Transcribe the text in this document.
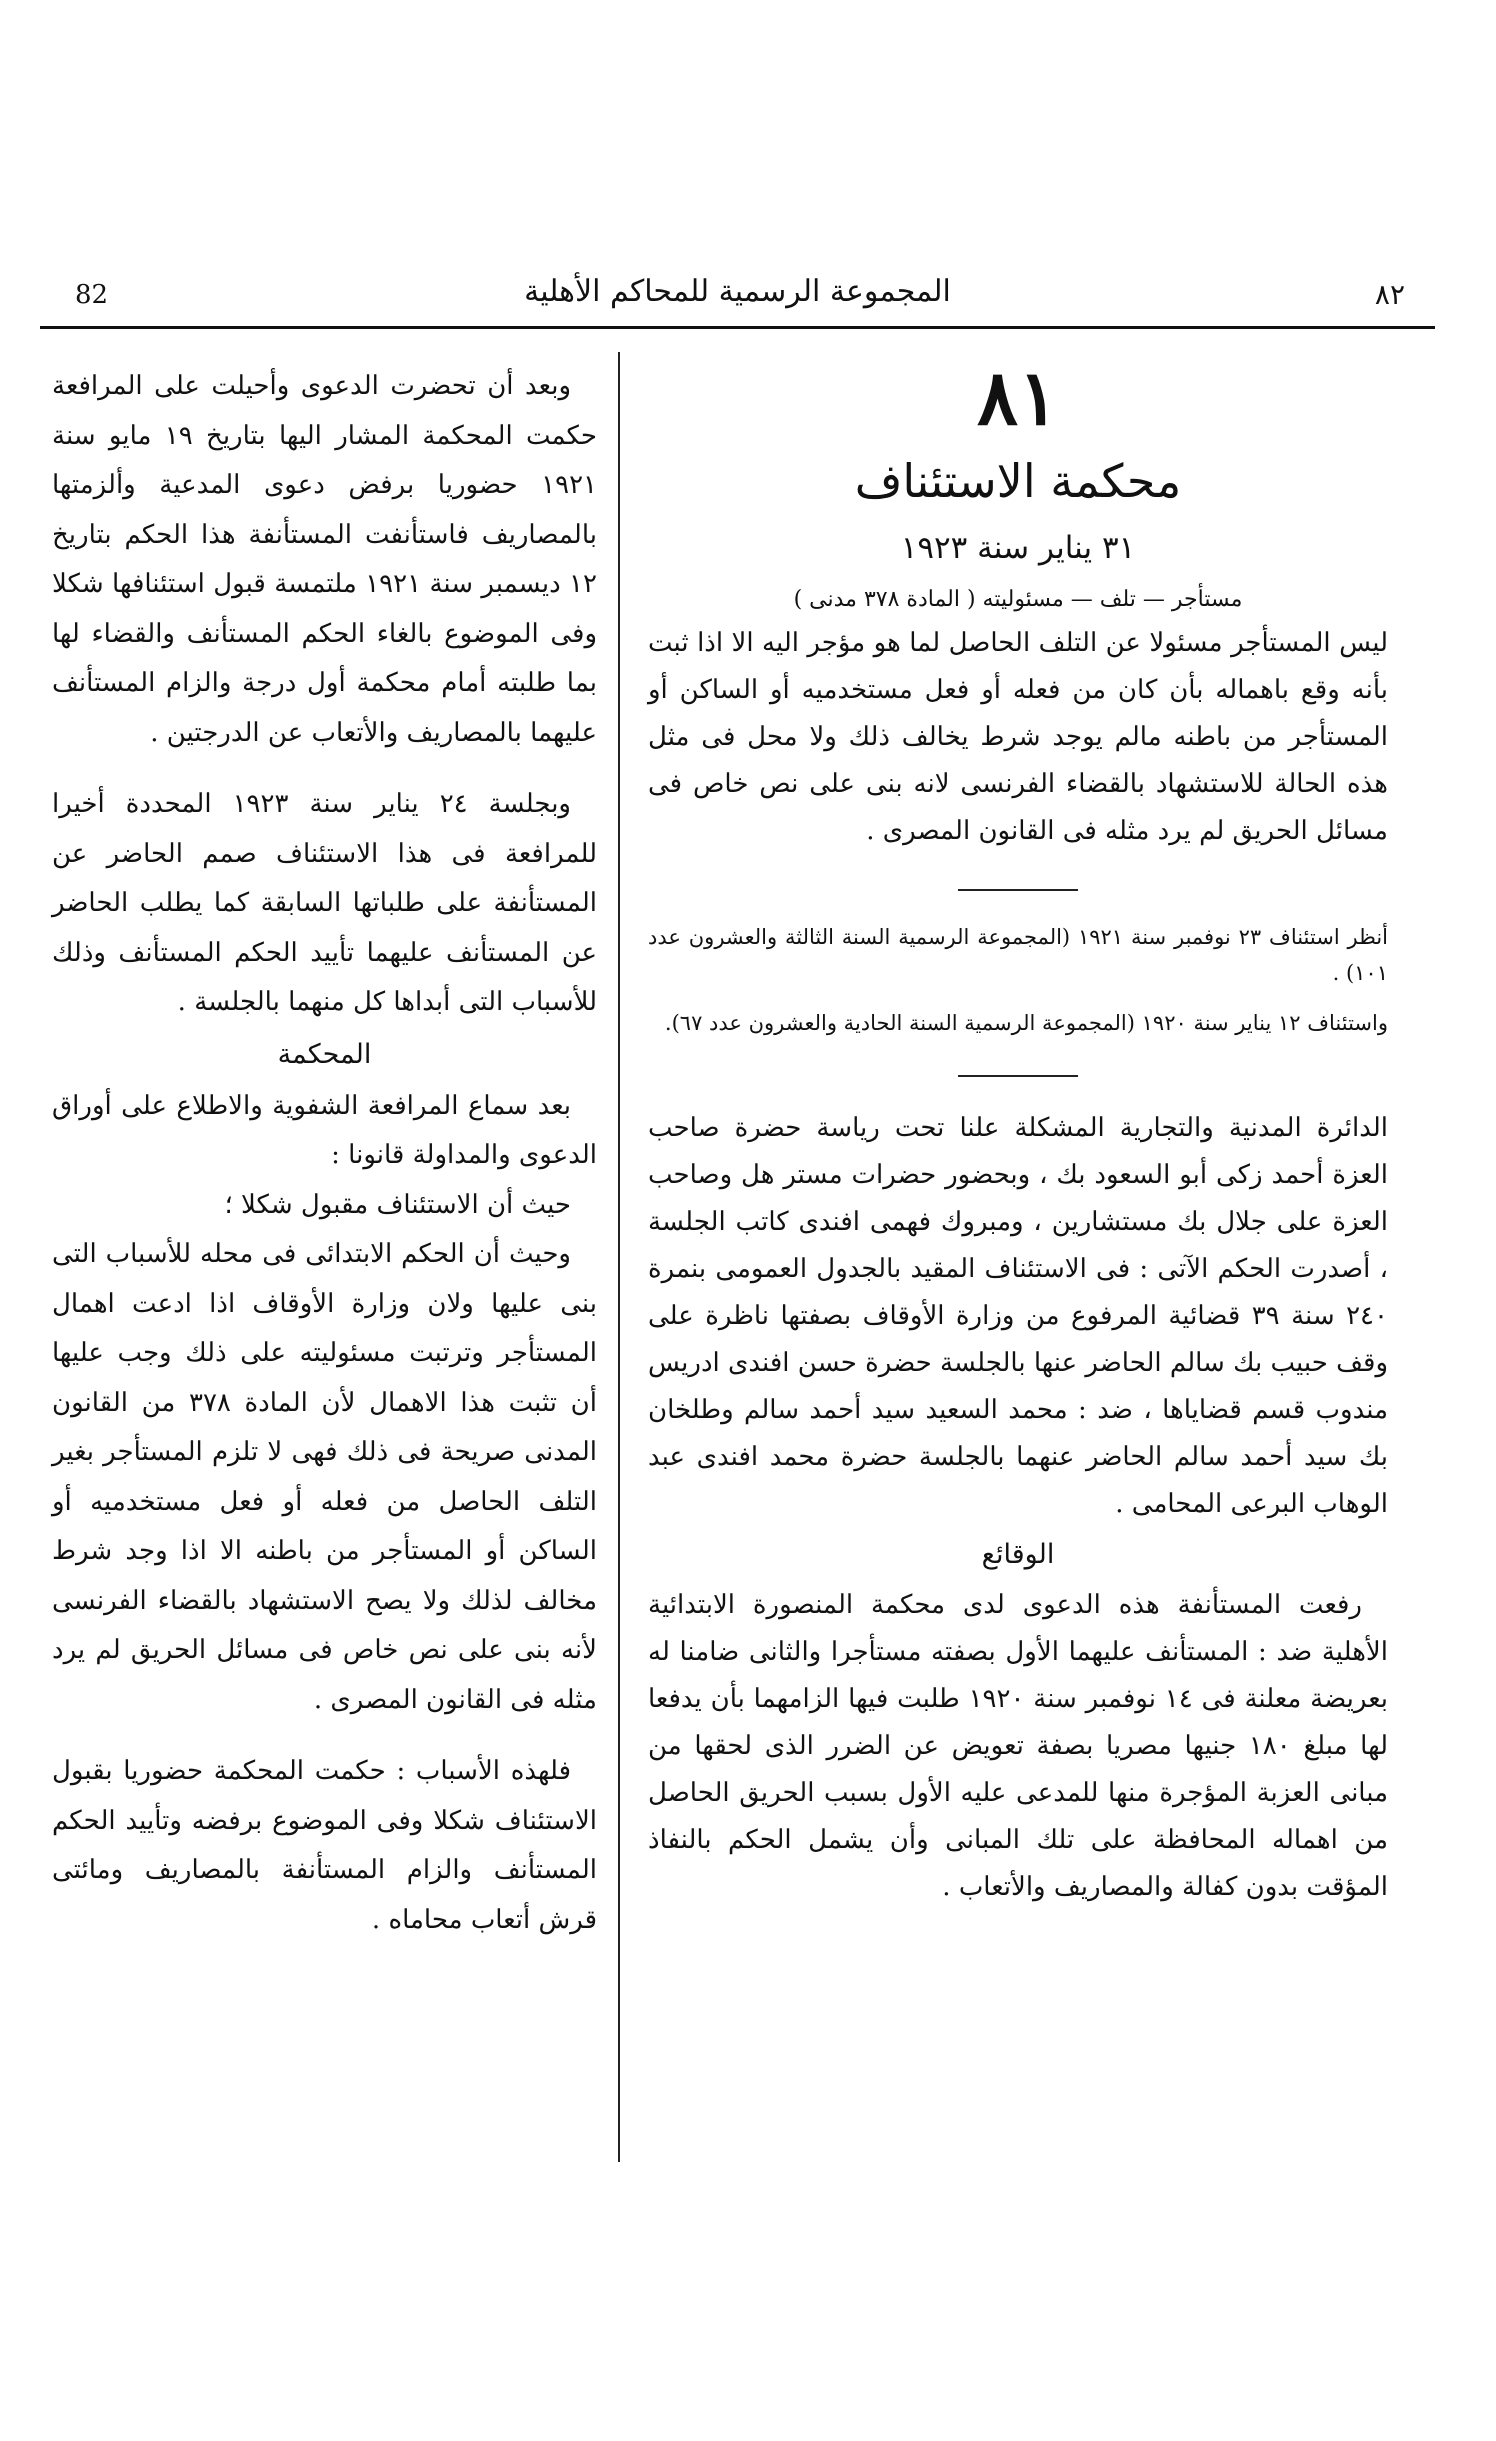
82	المجموعة الرسمية للمحاكم الأهلية	٨٢

٨١

محكمة الاستئناف

٣١ يناير سنة ١٩٢٣

مستأجر — تلف — مسئوليته ( المادة ٣٧٨ مدنى )

ليس المستأجر مسئولا عن التلف الحاصل لما هو مؤجر اليه الا اذا ثبت بأنه وقع باهماله بأن كان من فعله أو فعل مستخدميه أو الساكن أو المستأجر من باطنه مالم يوجد شرط يخالف ذلك ولا محل فى مثل هذه الحالة للاستشهاد بالقضاء الفرنسى لانه بنى على نص خاص فى مسائل الحريق لم يرد مثله فى القانون المصرى .

أنظر استئناف ٢٣ نوفمبر سنة ١٩٢١ (المجموعة الرسمية السنة الثالثة والعشرون عدد ١٠١) .

واستئناف ١٢ يناير سنة ١٩٢٠ (المجموعة الرسمية السنة الحادية والعشرون عدد ٦٧).

الدائرة المدنية والتجارية المشكلة علنا تحت رياسة حضرة صاحب العزة أحمد زكى أبو السعود بك ، وبحضور حضرات مستر هل وصاحب العزة على جلال بك مستشارين ، ومبروك فهمى افندى كاتب الجلسة ، أصدرت الحكم الآتى : فى الاستئناف المقيد بالجدول العمومى بنمرة ٢٤٠ سنة ٣٩ قضائية المرفوع من وزارة الأوقاف بصفتها ناظرة على وقف حبيب بك سالم الحاضر عنها بالجلسة حضرة حسن افندى ادريس مندوب قسم قضاياها ، ضد : محمد السعيد سيد أحمد سالم وطلخان بك سيد أحمد سالم الحاضر عنهما بالجلسة حضرة محمد افندى عبد الوهاب البرعى المحامى .

الوقائع

رفعت المستأنفة هذه الدعوى لدى محكمة المنصورة الابتدائية الأهلية ضد : المستأنف عليهما الأول بصفته مستأجرا والثانى ضامنا له بعريضة معلنة فى ١٤ نوفمبر سنة ١٩٢٠ طلبت فيها الزامهما بأن يدفعا لها مبلغ ١٨٠ جنيها مصريا بصفة تعويض عن الضرر الذى لحقها من مبانى العزبة المؤجرة منها للمدعى عليه الأول بسبب الحريق الحاصل من اهماله المحافظة على تلك المبانى وأن يشمل الحكم بالنفاذ المؤقت بدون كفالة والمصاريف والأتعاب .

وبعد أن تحضرت الدعوى وأحيلت على المرافعة حكمت المحكمة المشار اليها بتاريخ ١٩ مايو سنة ١٩٢١ حضوريا برفض دعوى المدعية وألزمتها بالمصاريف فاستأنفت المستأنفة هذا الحكم بتاريخ ١٢ ديسمبر سنة ١٩٢١ ملتمسة قبول استئنافها شكلا وفى الموضوع بالغاء الحكم المستأنف والقضاء لها بما طلبته أمام محكمة أول درجة والزام المستأنف عليهما بالمصاريف والأتعاب عن الدرجتين .

وبجلسة ٢٤ يناير سنة ١٩٢٣ المحددة أخيرا للمرافعة فى هذا الاستئناف صمم الحاضر عن المستأنفة على طلباتها السابقة كما يطلب الحاضر عن المستأنف عليهما تأييد الحكم المستأنف وذلك للأسباب التى أبداها كل منهما بالجلسة .

المحكمة

بعد سماع المرافعة الشفوية والاطلاع على أوراق الدعوى والمداولة قانونا :

حيث أن الاستئناف مقبول شكلا ؛

وحيث أن الحكم الابتدائى فى محله للأسباب التى بنى عليها ولان وزارة الأوقاف اذا ادعت اهمال المستأجر وترتبت مسئوليته على ذلك وجب عليها أن تثبت هذا الاهمال لأن المادة ٣٧٨ من القانون المدنى صريحة فى ذلك فهى لا تلزم المستأجر بغير التلف الحاصل من فعله أو فعل مستخدميه أو الساكن أو المستأجر من باطنه الا اذا وجد شرط مخالف لذلك ولا يصح الاستشهاد بالقضاء الفرنسى لأنه بنى على نص خاص فى مسائل الحريق لم يرد مثله فى القانون المصرى .

فلهذه الأسباب : حكمت المحكمة حضوريا بقبول الاستئناف شكلا وفى الموضوع برفضه وتأييد الحكم المستأنف والزام المستأنفة بالمصاريف ومائتى قرش أتعاب محاماه .
